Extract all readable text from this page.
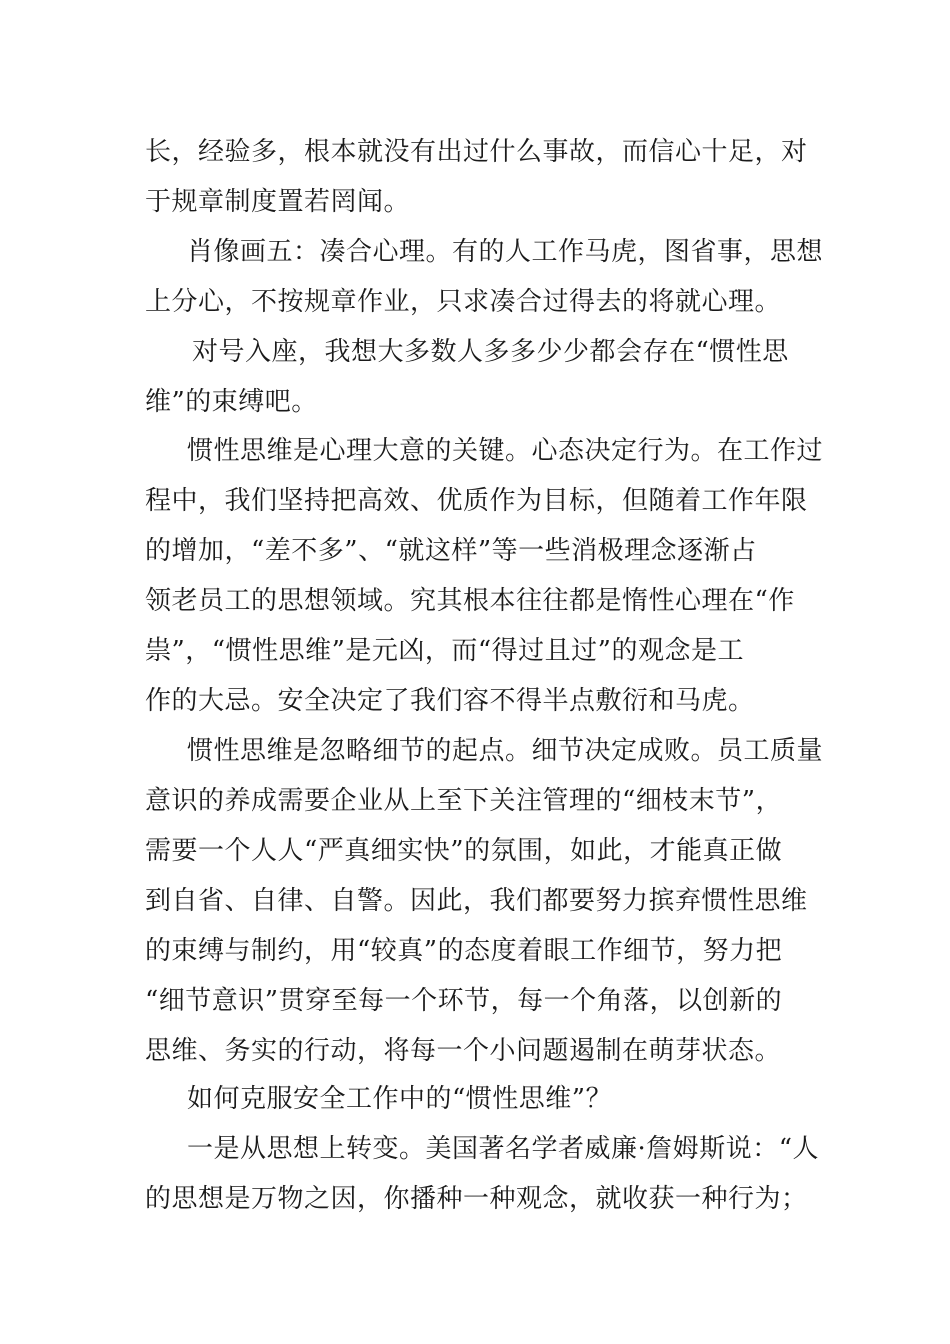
长，经验多，根本就没有出过什么事故，而信心十足，对

于规章制度置若罔闻。

肖像画五：凑合心理。有的人工作马虎，图省事，思想

上分心，不按规章作业，只求凑合过得去的将就心理。

对号入座，我想大多数人多多少少都会存在“惯性思

维”的束缚吧。

惯性思维是心理大意的关键。心态决定行为。在工作过

程中，我们坚持把高效、优质作为目标，但随着工作年限

的增加，“差不多”、“就这样”等一些消极理念逐渐占

领老员工的思想领域。究其根本往往都是惰性心理在“作

祟”，“惯性思维”是元凶，而“得过且过”的观念是工

作的大忌。安全决定了我们容不得半点敷衍和马虎。

惯性思维是忽略细节的起点。细节决定成败。员工质量

意识的养成需要企业从上至下关注管理的“细枝末节”，

需要一个人人“严真细实快”的氛围，如此，才能真正做

到自省、自律、自警。因此，我们都要努力摈弃惯性思维

的束缚与制约，用“较真”的态度着眼工作细节，努力把

“细节意识”贯穿至每一个环节，每一个角落，以创新的

思维、务实的行动，将每一个小问题遏制在萌芽状态。

如何克服安全工作中的“惯性思维”？

一是从思想上转变。美国著名学者威廉·詹姆斯说：“人

的思想是万物之因，你播种一种观念，就收获一种行为；
